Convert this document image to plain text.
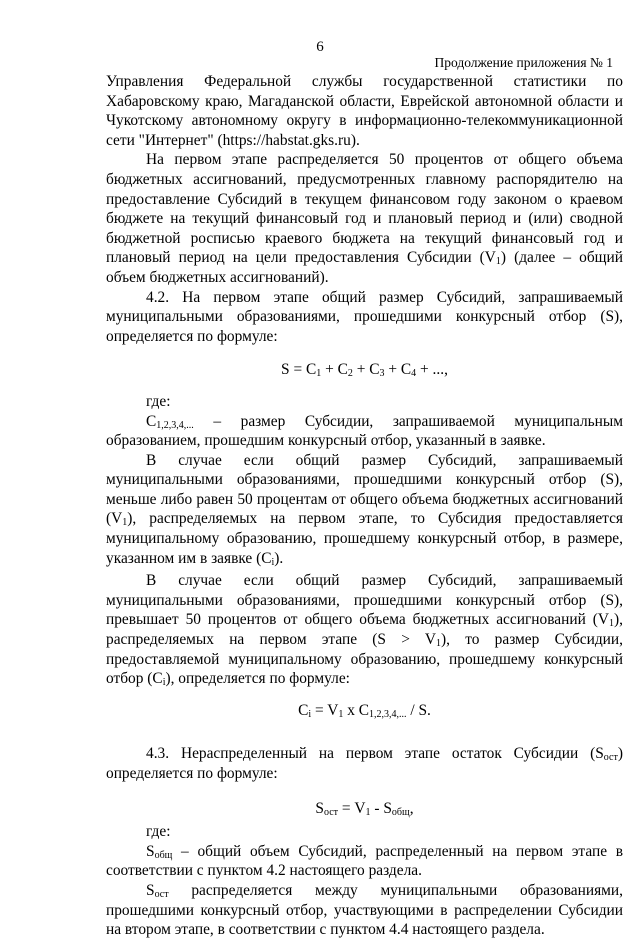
6
Продолжение приложения № 1

Управления Федеральной службы государственной статистики по Хабаровскому краю, Магаданской области, Еврейской автономной области и Чукотскому автономному округу в информационно-телекоммуникационной сети "Интернет" (https://habstat.gks.ru).

На первом этапе распределяется 50 процентов от общего объема бюджетных ассигнований, предусмотренных главному распорядителю на предоставление Субсидий в текущем финансовом году законом о краевом бюджете на текущий финансовый год и плановый период и (или) сводной бюджетной росписью краевого бюджета на текущий финансовый год и плановый период на цели предоставления Субсидии $(V_1)$ (далее – общий объем бюджетных ассигнований).

4.2. На первом этапе общий размер Субсидий, запрашиваемый муниципальными образованиями, прошедшими конкурсный отбор (S), определяется по формуле:

$S = C_1 + C_2 + C_3 + C_4$ + ...,

где:

$C_{1,2,3,4,...}$ – размер Субсидии, запрашиваемой муниципальным образованием, прошедшим конкурсный отбор, указанный в заявке.

В случае если общий размер Субсидий, запрашиваемый муниципальными образованиями, прошедшими конкурсный отбор (S), меньше либо равен 50 процентам от общего объема бюджетных ассигнований $(V_1)$, распределяемых на первом этапе, то Субсидия предоставляется муниципальному образованию, прошедшему конкурсный отбор, в размере, указанном им в заявке $(C_i)$.

В случае если общий размер Субсидий, запрашиваемый муниципальными образованиями, прошедшими конкурсный отбор (S), превышает 50 процентов от общего объема бюджетных ассигнований $(V_1)$, распределяемых на первом этапе $(S > V_1)$, то размер Субсидии, предоставляемой муниципальному образованию, прошедшему конкурсный отбор $(C_i)$, определяется по формуле:

$C_i = V_1$ x $C_{1,2,3,4,...}$ / S.

4.3. Нераспределенный на первом этапе остаток Субсидии $(S_{ост})$ определяется по формуле:

$S_{ост} = V_1 - S_{общ}$,

где:

$S_{общ}$ – общий объем Субсидий, распределенный на первом этапе в соответствии с пунктом 4.2 настоящего раздела.

$S_{ост}$ распределяется между муниципальными образованиями, прошедшими конкурсный отбор, участвующими в распределении Субсидии на втором этапе, в соответствии с пунктом 4.4 настоящего раздела.
